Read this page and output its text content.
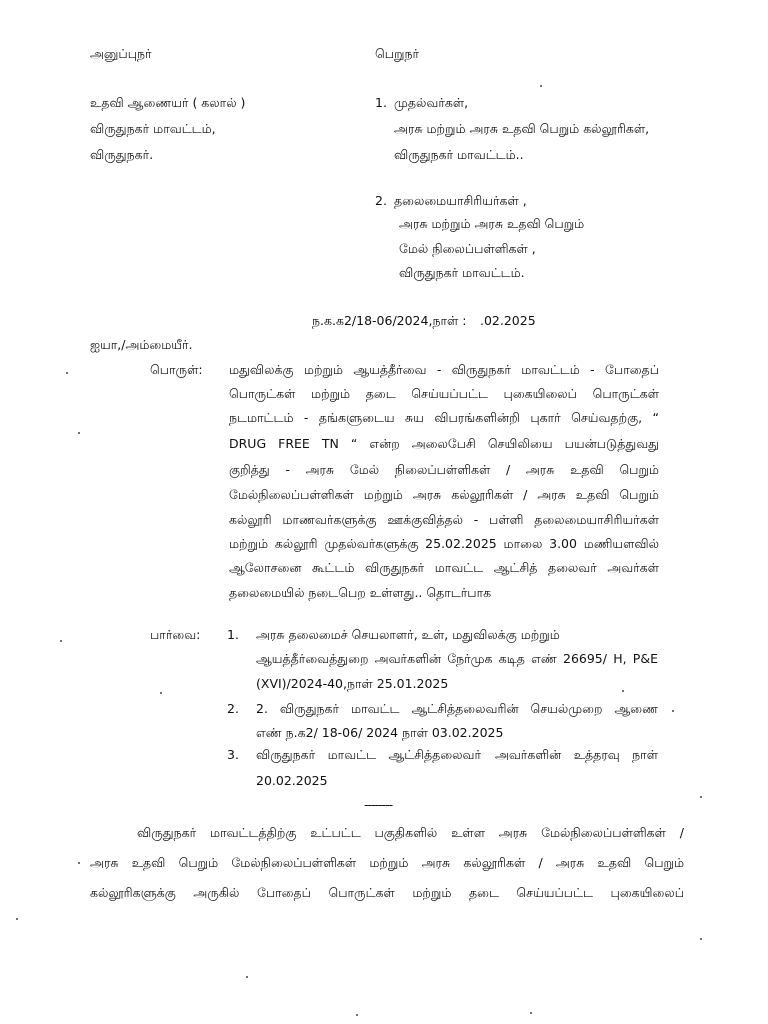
அனுப்புநர்	பெறுநர்
உதவி ஆணையர் ( கலால் )
விருதுநகர் மாவட்டம்,
விருதுநகர்.
1. முதல்வர்கள்,
அரசு மற்றும் அரசு உதவி பெறும் கல்லூரிகள்,
விருதுநகர் மாவட்டம்..
2. தலைமையாசிரியர்கள் ,
அரசு மற்றும் அரசு உதவி பெறும்
மேல் நிலைப்பள்ளிகள் ,
விருதுநகர் மாவட்டம்.
ந.க.க2/18-06/2024,நாள் : .02.2025
ஐயா,/அம்மையீர்.
பொருள்: மதுவிலக்கு மற்றும் ஆயத்தீர்வை - விருதுநகர் மாவட்டம் - போதைப்
பொருட்கள் மற்றும் தடை செய்யப்பட்ட புகையிலைப் பொருட்கள்
நடமாட்டம் - தங்களுடைய சுய விபரங்களின்றி புகார் செய்வதற்கு, “
DRUG FREE TN “ என்ற அலைபேசி செயிலியை பயன்படுத்துவது
குறித்து - அரசு மேல் நிலைப்பள்ளிகள் / அரசு உதவி பெறும்
மேல்நிலைப்பள்ளிகள் மற்றும் அரசு கல்லூரிகள் / அரசு உதவி பெறும்
கல்லூரி மாணவர்களுக்கு ஊக்குவித்தல் - பள்ளி தலைமையாசிரியர்கள்
மற்றும் கல்லூரி முதல்வர்களுக்கு 25.02.2025 மாலை 3.00 மணியளவில்
ஆலோசனை கூட்டம் விருதுநகர் மாவட்ட ஆட்சித் தலைவர் அவர்கள்
தலைமையில் நடைபெற உள்ளது.. தொடர்பாக
பார்வை: 1. அரசு தலைமைச் செயலாளர், உள், மதுவிலக்கு மற்றும்
ஆயத்தீர்வைத்துறை அவர்களின் நேர்முக கடித எண் 26695/ H, P&E
(XVI)/2024-40,நாள் 25.01.2025
2. 2. விருதுநகர் மாவட்ட ஆட்சித்தலைவரின் செயல்முறை ஆணை
எண் ந.க2/ 18-06/ 2024 நாள் 03.02.2025
3. விருதுநகர் மாவட்ட ஆட்சித்தலைவா் அவர்களின் உத்தரவு நாள்
20.02.2025
--------
விருதுநகர் மாவட்டத்திற்கு உட்பட்ட பகுதிகளில் உள்ள அரசு மேல்நிலைப்பள்ளிகள் /
அரசு உதவி பெறும் மேல்நிலைப்பள்ளிகள் மற்றும் அரசு கல்லூரிகள் / அரசு உதவி பெறும்
கல்லூரிகளுக்கு அருகில் போதைப் பொருட்கள் மற்றும் தடை செய்யப்பட்ட புகையிலைப்
